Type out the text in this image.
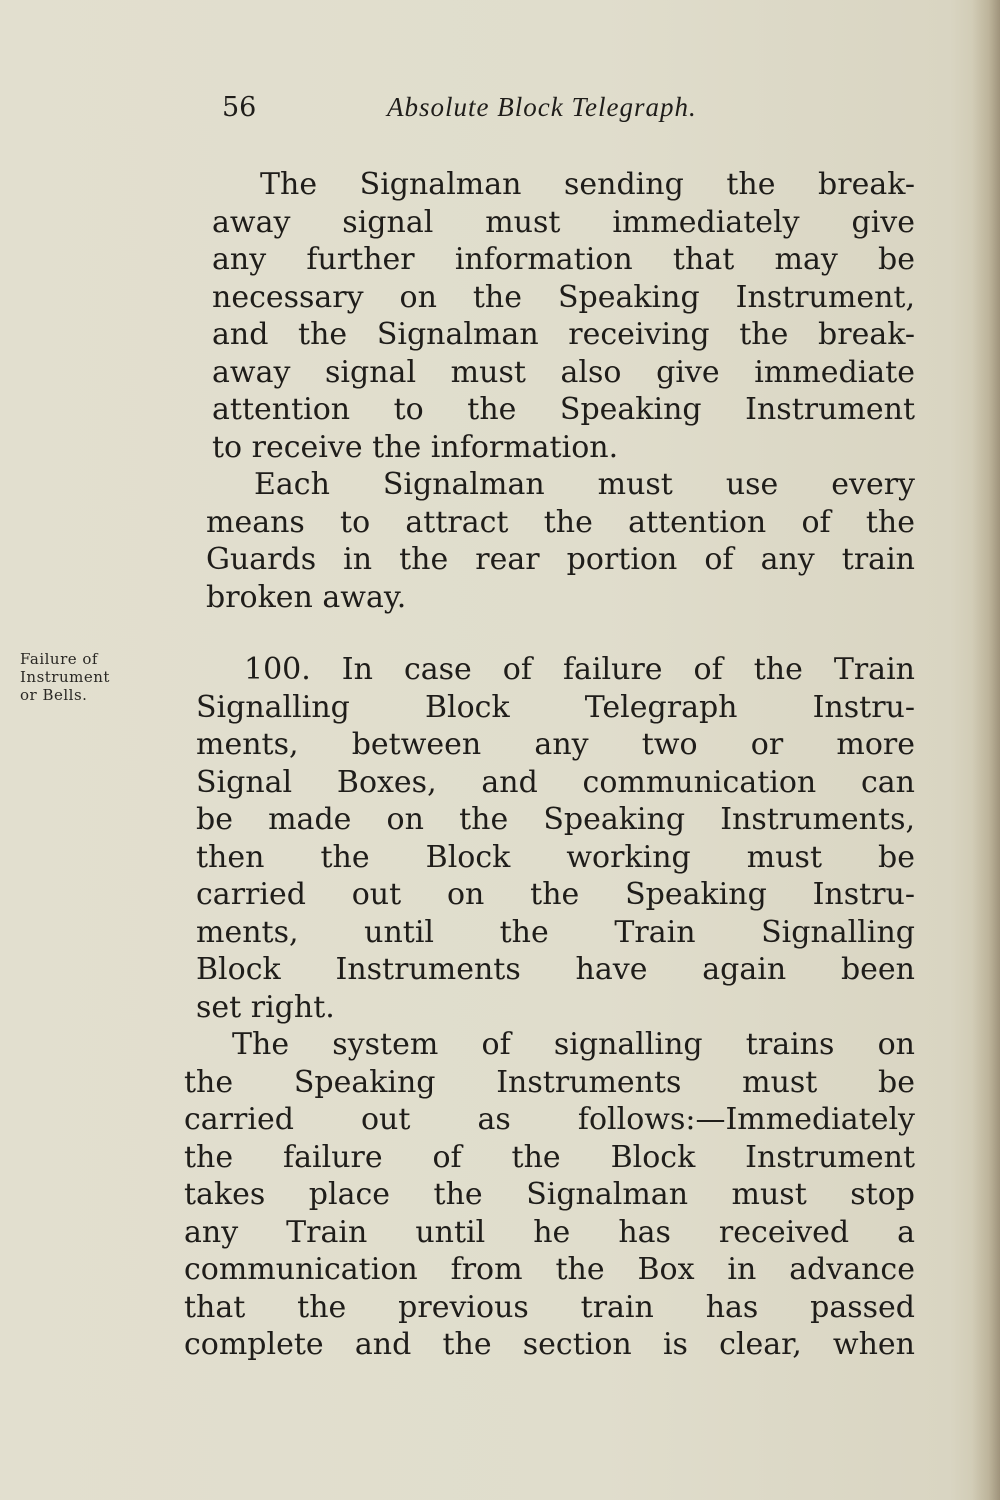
56	Absolute Block Telegraph.
Failure of
Instrument
or Bells.
The Signalman sending the break-
away signal must immediately give
any further information that may be
necessary on the Speaking Instrument,
and the Signalman receiving the break-
away signal must also give immediate
attention to the Speaking Instrument
to receive the information.
Each Signalman must use every
means to attract the attention of the
Guards in the rear portion of any train
broken away.
100. In case of failure of the Train
Signalling Block Telegraph Instru-
ments, between any two or more
Signal Boxes, and communication can
be made on the Speaking Instruments,
then the Block working must be
carried out on the Speaking Instru-
ments, until the Train Signalling
Block Instruments have again been
set right.
The system of signalling trains on
the Speaking Instruments must be
carried out as follows:—Immediately
the failure of the Block Instrument
takes place the Signalman must stop
any Train until he has received a
communication from the Box in advance
that the previous train has passed
complete and the section is clear, when
